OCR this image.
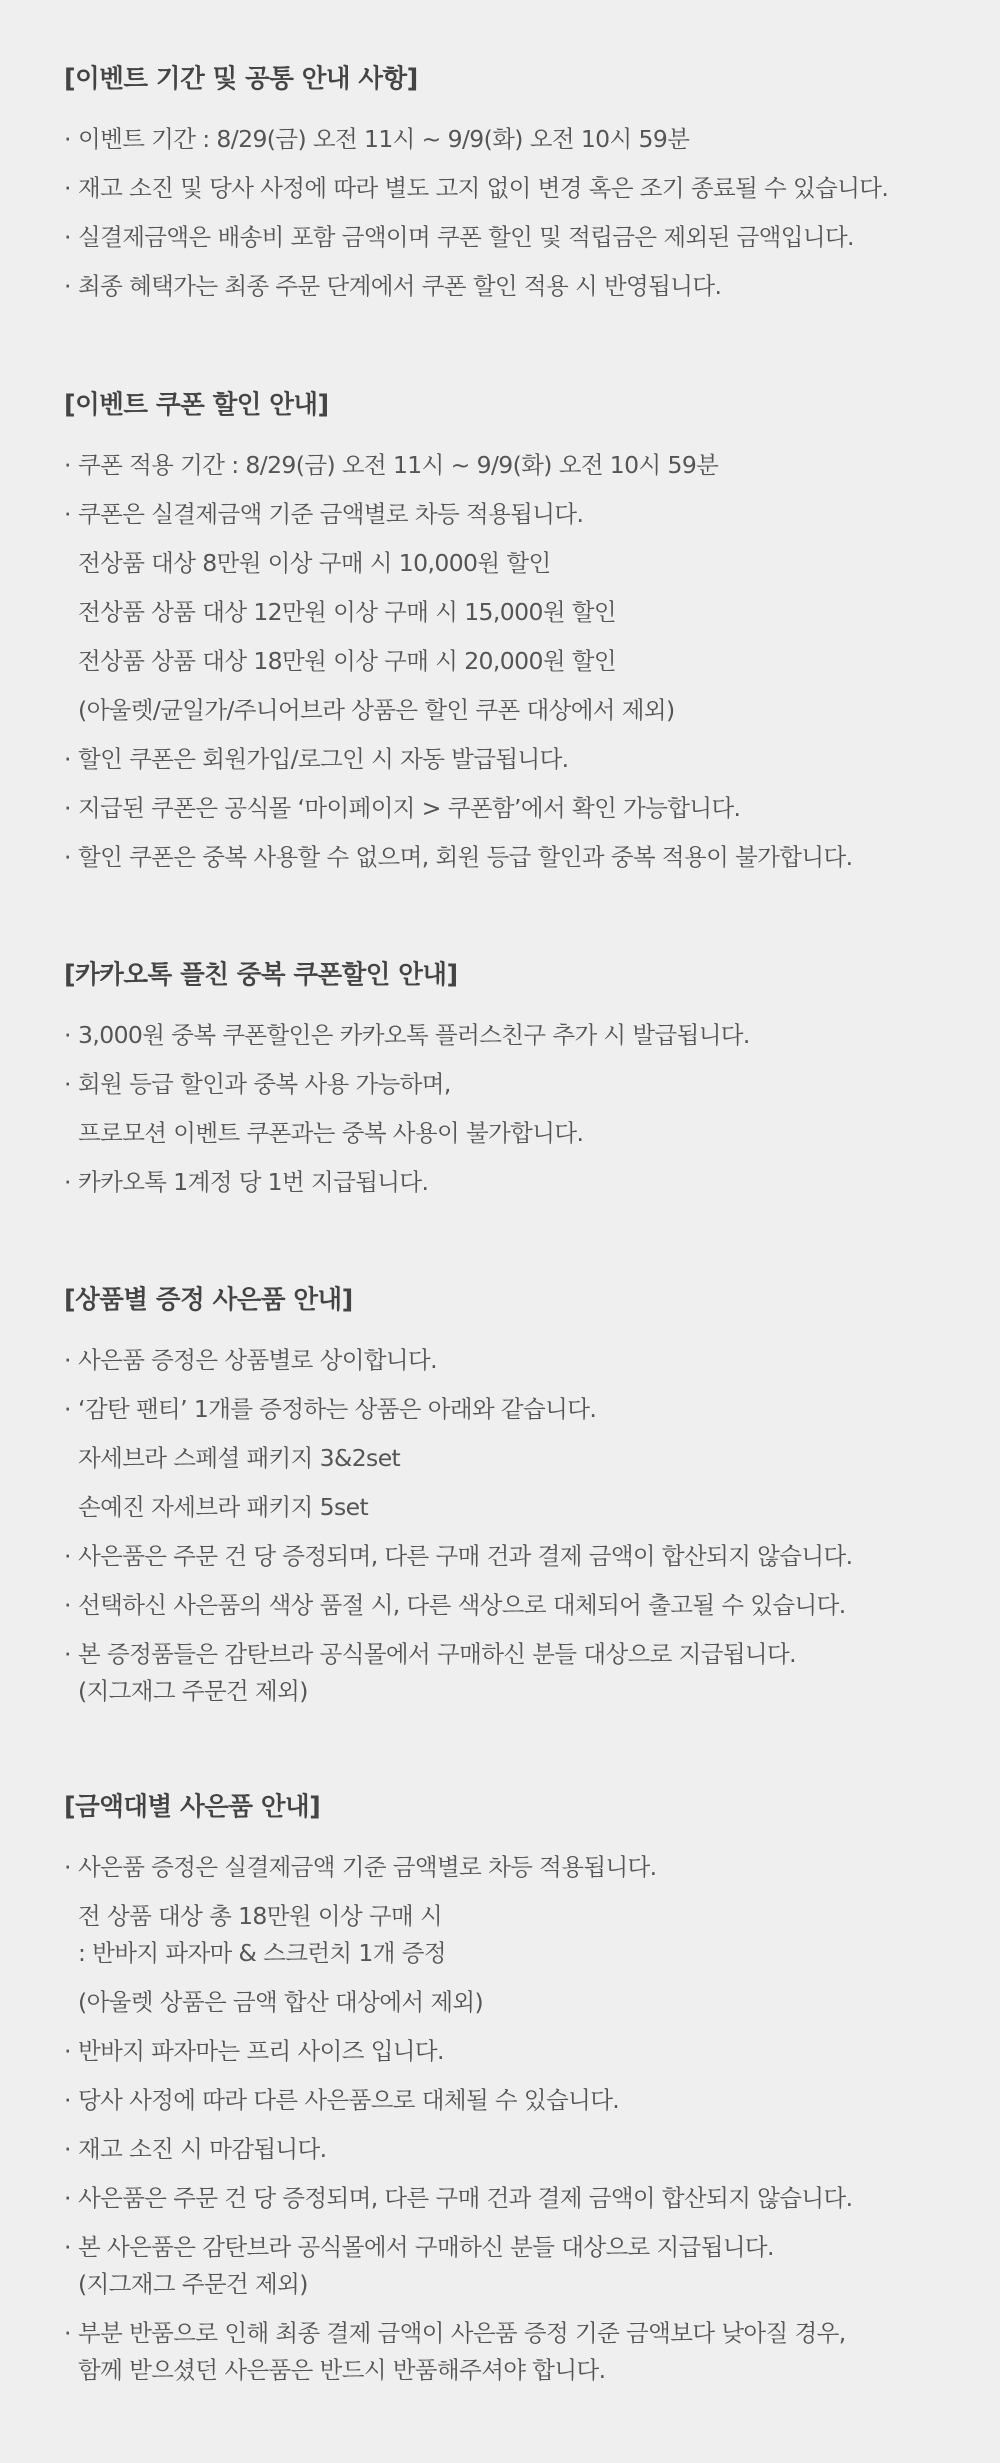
[이벤트 기간 및 공통 안내 사항]
· 이벤트 기간 : 8/29(금) 오전 11시 ~ 9/9(화) 오전 10시 59분
· 재고 소진 및 당사 사정에 따라 별도 고지 없이 변경 혹은 조기 종료될 수 있습니다.
· 실결제금액은 배송비 포함 금액이며 쿠폰 할인 및 적립금은 제외된 금액입니다.
· 최종 혜택가는 최종 주문 단계에서 쿠폰 할인 적용 시 반영됩니다.
[이벤트 쿠폰 할인 안내]
· 쿠폰 적용 기간 : 8/29(금) 오전 11시 ~ 9/9(화) 오전 10시 59분
· 쿠폰은 실결제금액 기준 금액별로 차등 적용됩니다.
전상품 대상 8만원 이상 구매 시 10,000원 할인
전상품 상품 대상 12만원 이상 구매 시 15,000원 할인
전상품 상품 대상 18만원 이상 구매 시 20,000원 할인
(아울렛/균일가/주니어브라 상품은 할인 쿠폰 대상에서 제외)
· 할인 쿠폰은 회원가입/로그인 시 자동 발급됩니다.
· 지급된 쿠폰은 공식몰 ‘마이페이지 > 쿠폰함’에서 확인 가능합니다.
· 할인 쿠폰은 중복 사용할 수 없으며, 회원 등급 할인과 중복 적용이 불가합니다.
[카카오톡 플친 중복 쿠폰할인 안내]
· 3,000원 중복 쿠폰할인은 카카오톡 플러스친구 추가 시 발급됩니다.
· 회원 등급 할인과 중복 사용 가능하며,
프로모션 이벤트 쿠폰과는 중복 사용이 불가합니다.
· 카카오톡 1계정 당 1번 지급됩니다.
[상품별 증정 사은품 안내]
· 사은품 증정은 상품별로 상이합니다.
· ‘감탄 팬티’ 1개를 증정하는 상품은 아래와 같습니다.
자세브라 스페셜 패키지 3&2set
손예진 자세브라 패키지 5set
· 사은품은 주문 건 당 증정되며, 다른 구매 건과 결제 금액이 합산되지 않습니다.
· 선택하신 사은품의 색상 품절 시, 다른 색상으로 대체되어 출고될 수 있습니다.
· 본 증정품들은 감탄브라 공식몰에서 구매하신 분들 대상으로 지급됩니다.
(지그재그 주문건 제외)
[금액대별 사은품 안내]
· 사은품 증정은 실결제금액 기준 금액별로 차등 적용됩니다.
전 상품 대상 총 18만원 이상 구매 시
: 반바지 파자마 & 스크런치 1개 증정
(아울렛 상품은 금액 합산 대상에서 제외)
· 반바지 파자마는 프리 사이즈 입니다.
· 당사 사정에 따라 다른 사은품으로 대체될 수 있습니다.
· 재고 소진 시 마감됩니다.
· 사은품은 주문 건 당 증정되며, 다른 구매 건과 결제 금액이 합산되지 않습니다.
· 본 사은품은 감탄브라 공식몰에서 구매하신 분들 대상으로 지급됩니다.
(지그재그 주문건 제외)
· 부분 반품으로 인해 최종 결제 금액이 사은품 증정 기준 금액보다 낮아질 경우,
함께 받으셨던 사은품은 반드시 반품해주셔야 합니다.
